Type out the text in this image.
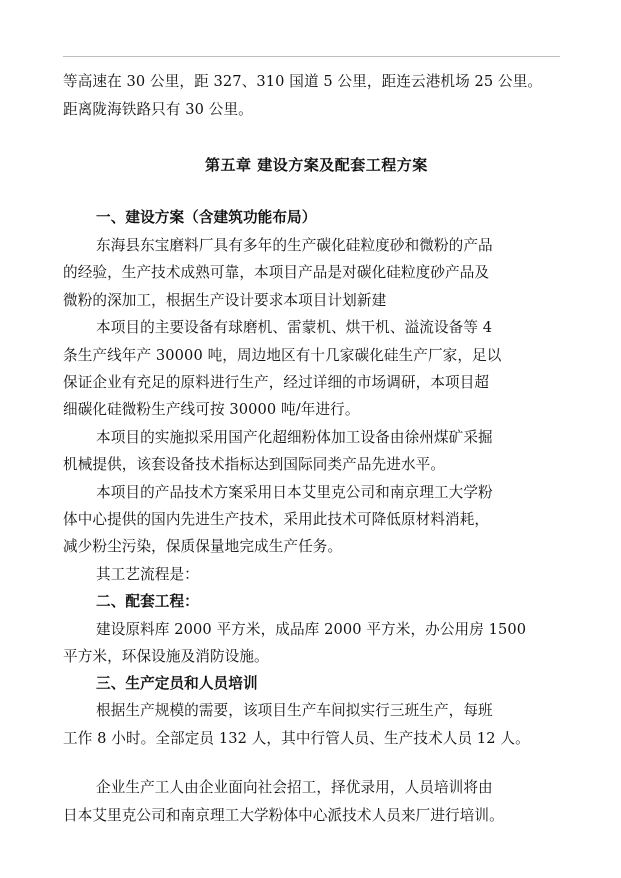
等高速在 30 公里，距 327、310 国道 5 公里，距连云港机场 25 公里。
距离陇海铁路只有 30 公里。
第五章 建设方案及配套工程方案
一、建设方案（含建筑功能布局）
东海县东宝磨料厂具有多年的生产碳化硅粒度砂和微粉的产品
的经验，生产技术成熟可靠，本项目产品是对碳化硅粒度砂产品及
微粉的深加工，根据生产设计要求本项目计划新建
本项目的主要设备有球磨机、雷蒙机、烘干机、溢流设备等 4
条生产线年产 30000 吨，周边地区有十几家碳化硅生产厂家，足以
保证企业有充足的原料进行生产，经过详细的市场调研，本项目超
细碳化硅微粉生产线可按 30000 吨/年进行。
本项目的实施拟采用国产化超细粉体加工设备由徐州煤矿采掘
机械提供，该套设备技术指标达到国际同类产品先进水平。
本项目的产品技术方案采用日本艾里克公司和南京理工大学粉
体中心提供的国内先进生产技术，采用此技术可降低原材料消耗，
减少粉尘污染，保质保量地完成生产任务。
其工艺流程是：
二、配套工程：
建设原料库 2000 平方米，成品库 2000 平方米，办公用房 1500
平方米，环保设施及消防设施。
三、生产定员和人员培训
根据生产规模的需要，该项目生产车间拟实行三班生产，每班
工作 8 小时。全部定员 132 人，其中行管人员、生产技术人员 12 人。
企业生产工人由企业面向社会招工，择优录用，人员培训将由
日本艾里克公司和南京理工大学粉体中心派技术人员来厂进行培训。
